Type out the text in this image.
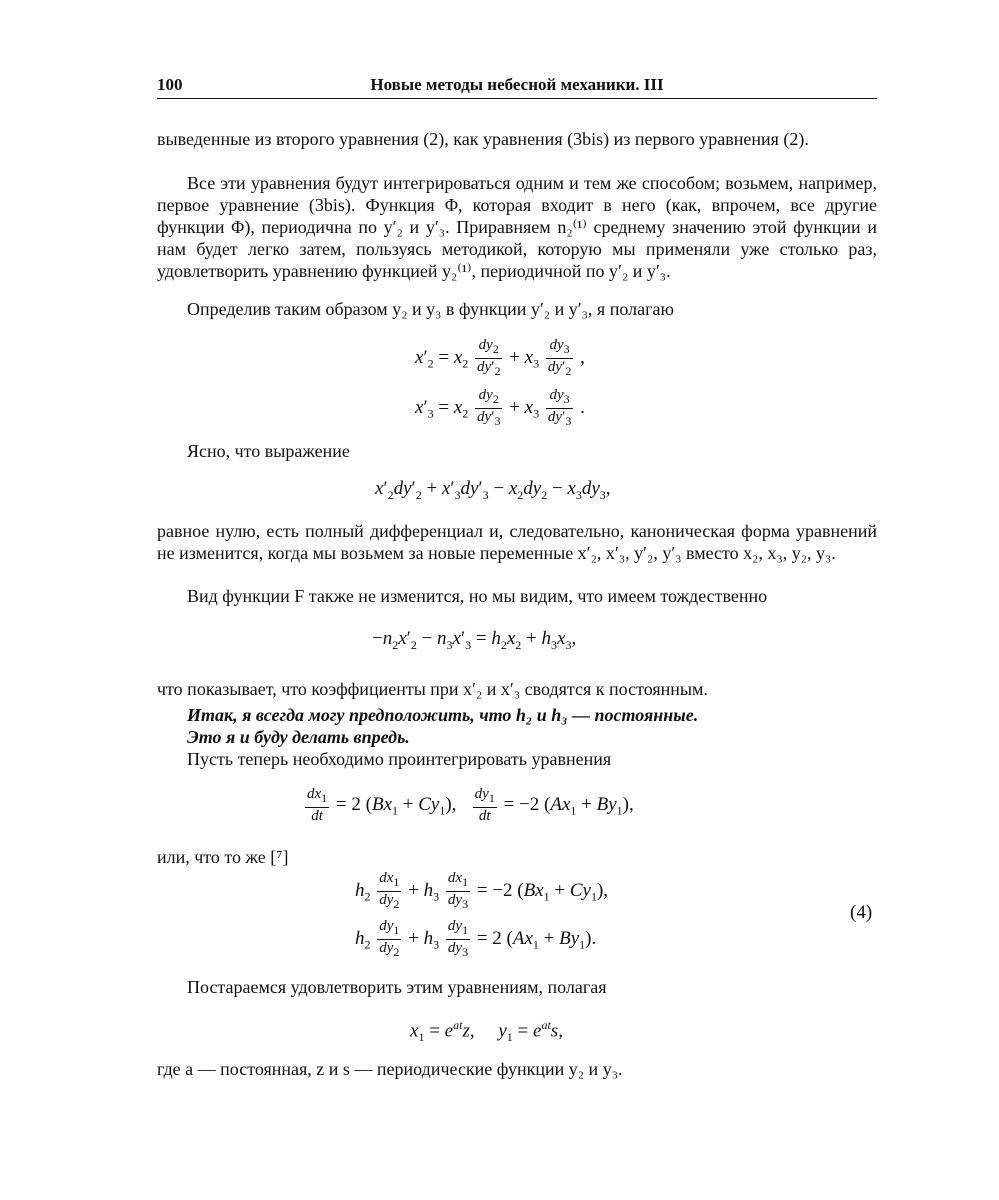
100	Новые методы небесной механики. III
выведенные из второго уравнения (2), как уравнения (3bis) из первого уравнения (2).
Все эти уравнения будут интегрироваться одним и тем же способом; возьмем, например, первое уравнение (3bis). Функция Φ, которая входит в него (как, впрочем, все другие функции Φ), периодична по y′₂ и y′₃. Приравняем n₂⁽¹⁾ среднему значению этой функции и нам будет легко затем, пользуясь методикой, которую мы применяли уже столько раз, удовлетворить уравнению функцией y₂⁽¹⁾, периодичной по y′₂ и y′₃.
Определив таким образом y₂ и y₃ в функции y′₂ и y′₃, я полагаю
$x'_2 = x_2 \frac{dy_2}{dy'_2} + x_3 \frac{dy_3}{dy'_2}$ ,
$x'_3 = x_2 \frac{dy_2}{dy'_3} + x_3 \frac{dy_3}{dy'_3}$ .
Ясно, что выражение
$x'_2dy'_2 + x'_3dy'_3 - x_2dy_2 - x_3dy_3$,
равное нулю, есть полный дифференциал и, следовательно, каноническая форма уравнений не изменится, когда мы возьмем за новые переменные x′₂, x′₃, y′₂, y′₃ вместо x₂, x₃, y₂, y₃.
Вид функции F также не изменится, но мы видим, что имеем тождественно
$-n_2x'_2 - n_3x'_3 = h_2x_2 + h_3x_3$,
что показывает, что коэффициенты при x′₂ и x′₃ сводятся к постоянным.
Итак, я всегда могу предположить, что h₂ и h₃ — постоянные.
Это я и буду делать впредь.
Пусть теперь необходимо проинтегрировать уравнения
$\frac{dx_1}{dt} = 2$ $(Bx_1 + Cy_1)$, $\frac{dy_1}{dt} = -2$ $(Ax_1 + By_1)$,
или, что то же [⁷]
$h_2 \frac{dx_1}{dy_2} + h_3 \frac{dx_1}{dy_3} = -2$ $(Bx_1 + Cy_1)$,
$h_2 \frac{dy_1}{dy_2} + h_3 \frac{dy_1}{dy_3} = 2$ $(Ax_1 + By_1)$.
(4)
Постараемся удовлетворить этим уравнениям, полагая
$x_1 = e^{at}z$,     $y_1 = e^{at}s$,
где a — постоянная, z и s — периодические функции y₂ и y₃.
